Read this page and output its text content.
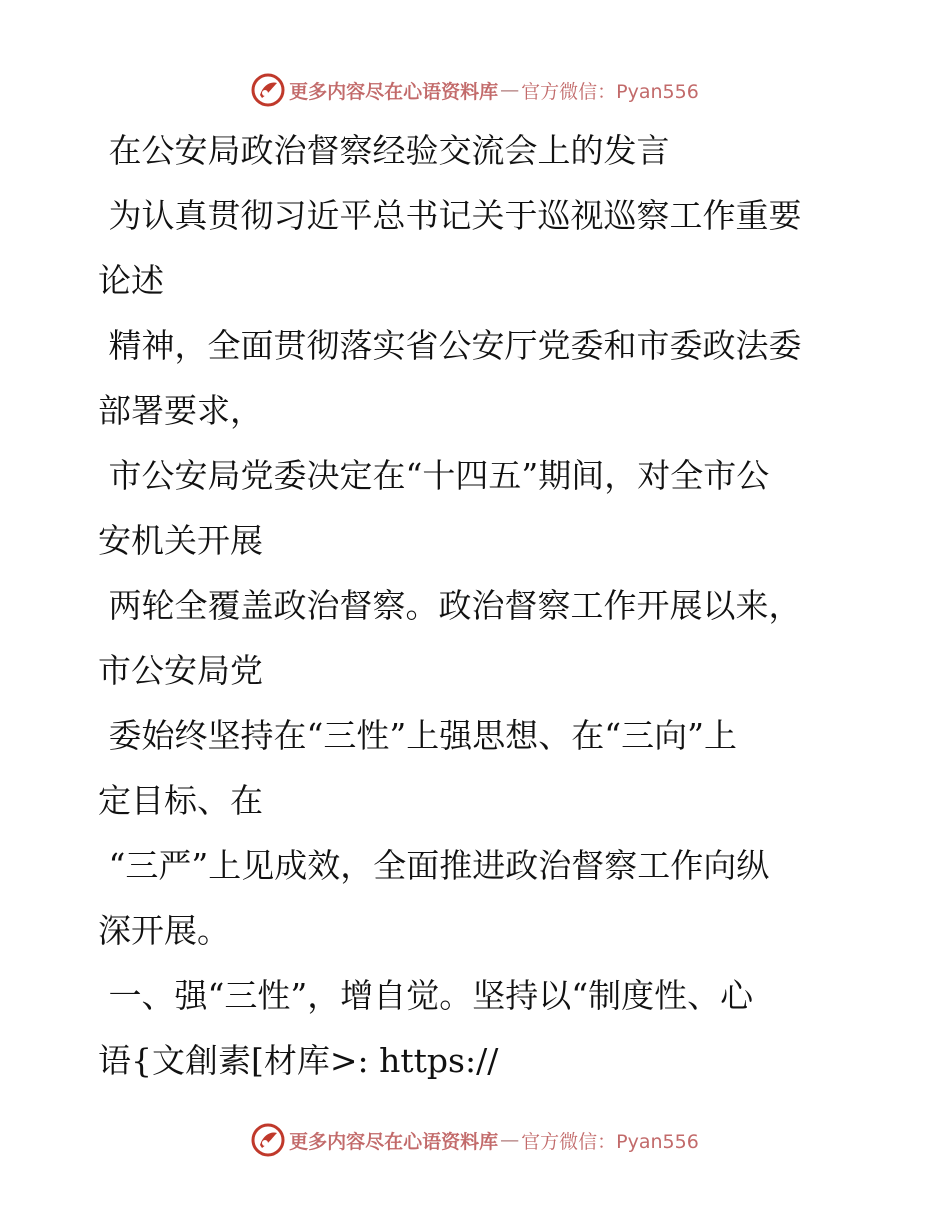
更多内容尽在心语资料库 — 官方微信：Pyan556

在公安局政治督察经验交流会上的发言

为认真贯彻习近平总书记关于巡视巡察工作重要

论述

精神，全面贯彻落实省公安厅党委和市委政法委

部署要求，

市公安局党委决定在“十四五”期间，对全市公

安机关开展

两轮全覆盖政治督察。政治督察工作开展以来，

市公安局党

委始终坚持在“三性”上强思想、在“三向”上

定目标、在

“三严”上见成效，全面推进政治督察工作向纵

深开展。

一、强“三性”，增自觉。坚持以“制度性、心

语{文創素[材库>: https://

更多内容尽在心语资料库 — 官方微信：Pyan556
